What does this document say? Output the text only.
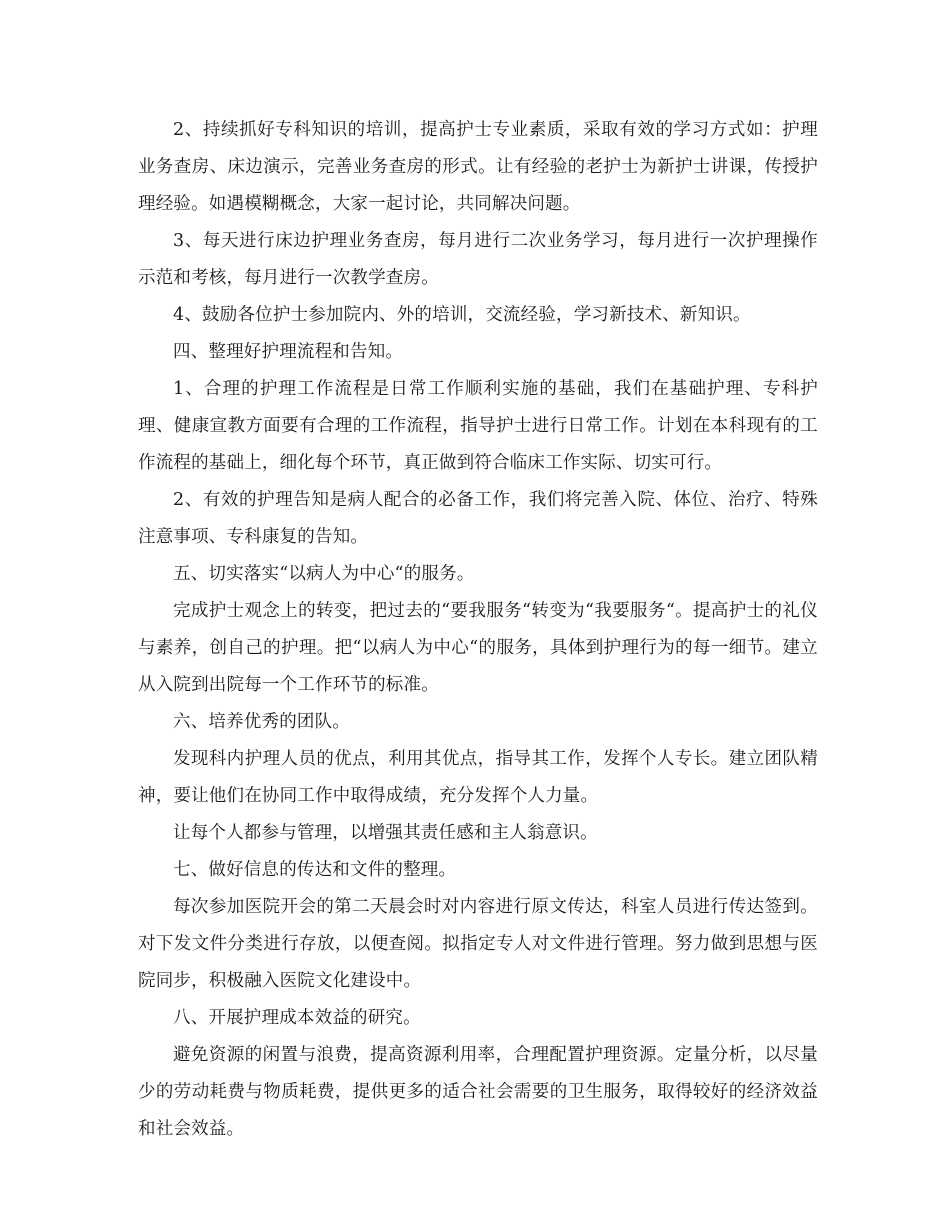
2、持续抓好专科知识的培训，提高护士专业素质，采取有效的学习方式如：护理业务查房、床边演示，完善业务查房的形式。让有经验的老护士为新护士讲课，传授护理经验。如遇模糊概念，大家一起讨论，共同解决问题。

3、每天进行床边护理业务查房，每月进行二次业务学习，每月进行一次护理操作示范和考核，每月进行一次教学查房。

4、鼓励各位护士参加院内、外的培训，交流经验，学习新技术、新知识。

四、整理好护理流程和告知。

1、合理的护理工作流程是日常工作顺利实施的基础，我们在基础护理、专科护理、健康宣教方面要有合理的工作流程，指导护士进行日常工作。计划在本科现有的工作流程的基础上，细化每个环节，真正做到符合临床工作实际、切实可行。

2、有效的护理告知是病人配合的必备工作，我们将完善入院、体位、治疗、特殊注意事项、专科康复的告知。

五、切实落实“以病人为中心“的服务。

完成护士观念上的转变，把过去的“要我服务“转变为“我要服务“。提高护士的礼仪与素养，创自己的护理。把“以病人为中心“的服务，具体到护理行为的每一细节。建立从入院到出院每一个工作环节的标准。

六、培养优秀的团队。

发现科内护理人员的优点，利用其优点，指导其工作，发挥个人专长。建立团队精神，要让他们在协同工作中取得成绩，充分发挥个人力量。

让每个人都参与管理，以增强其责任感和主人翁意识。

七、做好信息的传达和文件的整理。

每次参加医院开会的第二天晨会时对内容进行原文传达，科室人员进行传达签到。对下发文件分类进行存放，以便查阅。拟指定专人对文件进行管理。努力做到思想与医院同步，积极融入医院文化建设中。

八、开展护理成本效益的研究。

避免资源的闲置与浪费，提高资源利用率，合理配置护理资源。定量分析，以尽量少的劳动耗费与物质耗费，提供更多的适合社会需要的卫生服务，取得较好的经济效益和社会效益。
